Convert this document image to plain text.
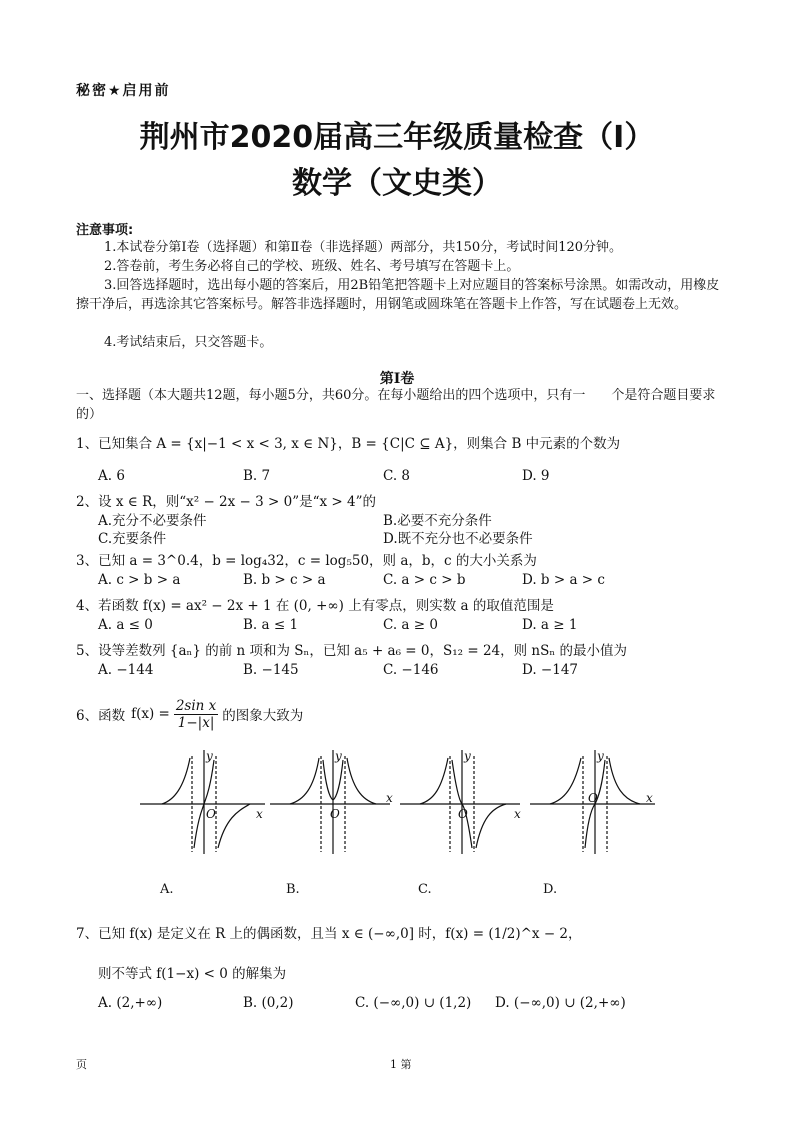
秘密★启用前
荆州市2020届高三年级质量检查（Ⅰ）
数学（文史类）
注意事项:
1.本试卷分第Ⅰ卷（选择题）和第Ⅱ卷（非选择题）两部分，共150分，考试时间120分钟。
2.答卷前，考生务必将自己的学校、班级、姓名、考号填写在答题卡上。
3.回答选择题时，选出每小题的答案后，用2B铅笔把答题卡上对应题目的答案标号涂黑。如需改动，用橡皮擦干净后，再选涂其它答案标号。解答非选择题时，用钢笔或圆珠笔在答题卡上作答，写在试题卷上无效。
4.考试结束后，只交答题卡。
第Ⅰ卷
一、选择题（本大题共12题，每小题5分，共60分。在每小题给出的四个选项中，只有一　　个是符合题目要求的）
1、已知集合 A = {x|−1 < x < 3, x ∈ N}，B = {C|C ⊆ A}，则集合 B 中元素的个数为
A. 6	B. 7	C. 8	D. 9
2、设 x ∈ R，则“x² − 2x − 3 > 0”是“x > 4”的
A.充分不必要条件	B.必要不充分条件
C.充要条件	D.既不充分也不必要条件
3、已知 a = 3^0.4，b = log₄32，c = log₅50，则 a，b，c 的大小关系为
A. c > b > a	B. b > c > a	C. a > c > b	D. b > a > c
4、若函数 f(x) = ax² − 2x + 1 在 (0, +∞) 上有零点，则实数 a 的取值范围是
A. a ≤ 0	B. a ≤ 1	C. a ≥ 0	D. a ≥ 1
5、设等差数列 {aₙ} 的前 n 项和为 Sₙ，已知 a₅ + a₆ = 0，S₁₂ = 24，则 nSₙ 的最小值为
A. −144	B. −145	C. −146	D. −147
6、函数 $f(x) = \frac{\text{2sin x}}{1-|x|}$ 的图象大致为
y
O	x
y
O
x
y
O	x
y
O	x
A.	B.	C.	D.
7、已知 f(x) 是定义在 R 上的偶函数，且当 x ∈ (−∞,0] 时，f(x) = (1/2)^x − 2，
则不等式 f(1−x) < 0 的解集为
A. (2,+∞)	B. (0,2)	C. (−∞,0) ∪ (1,2) D. (−∞,0) ∪ (2,+∞)
页	1 第
